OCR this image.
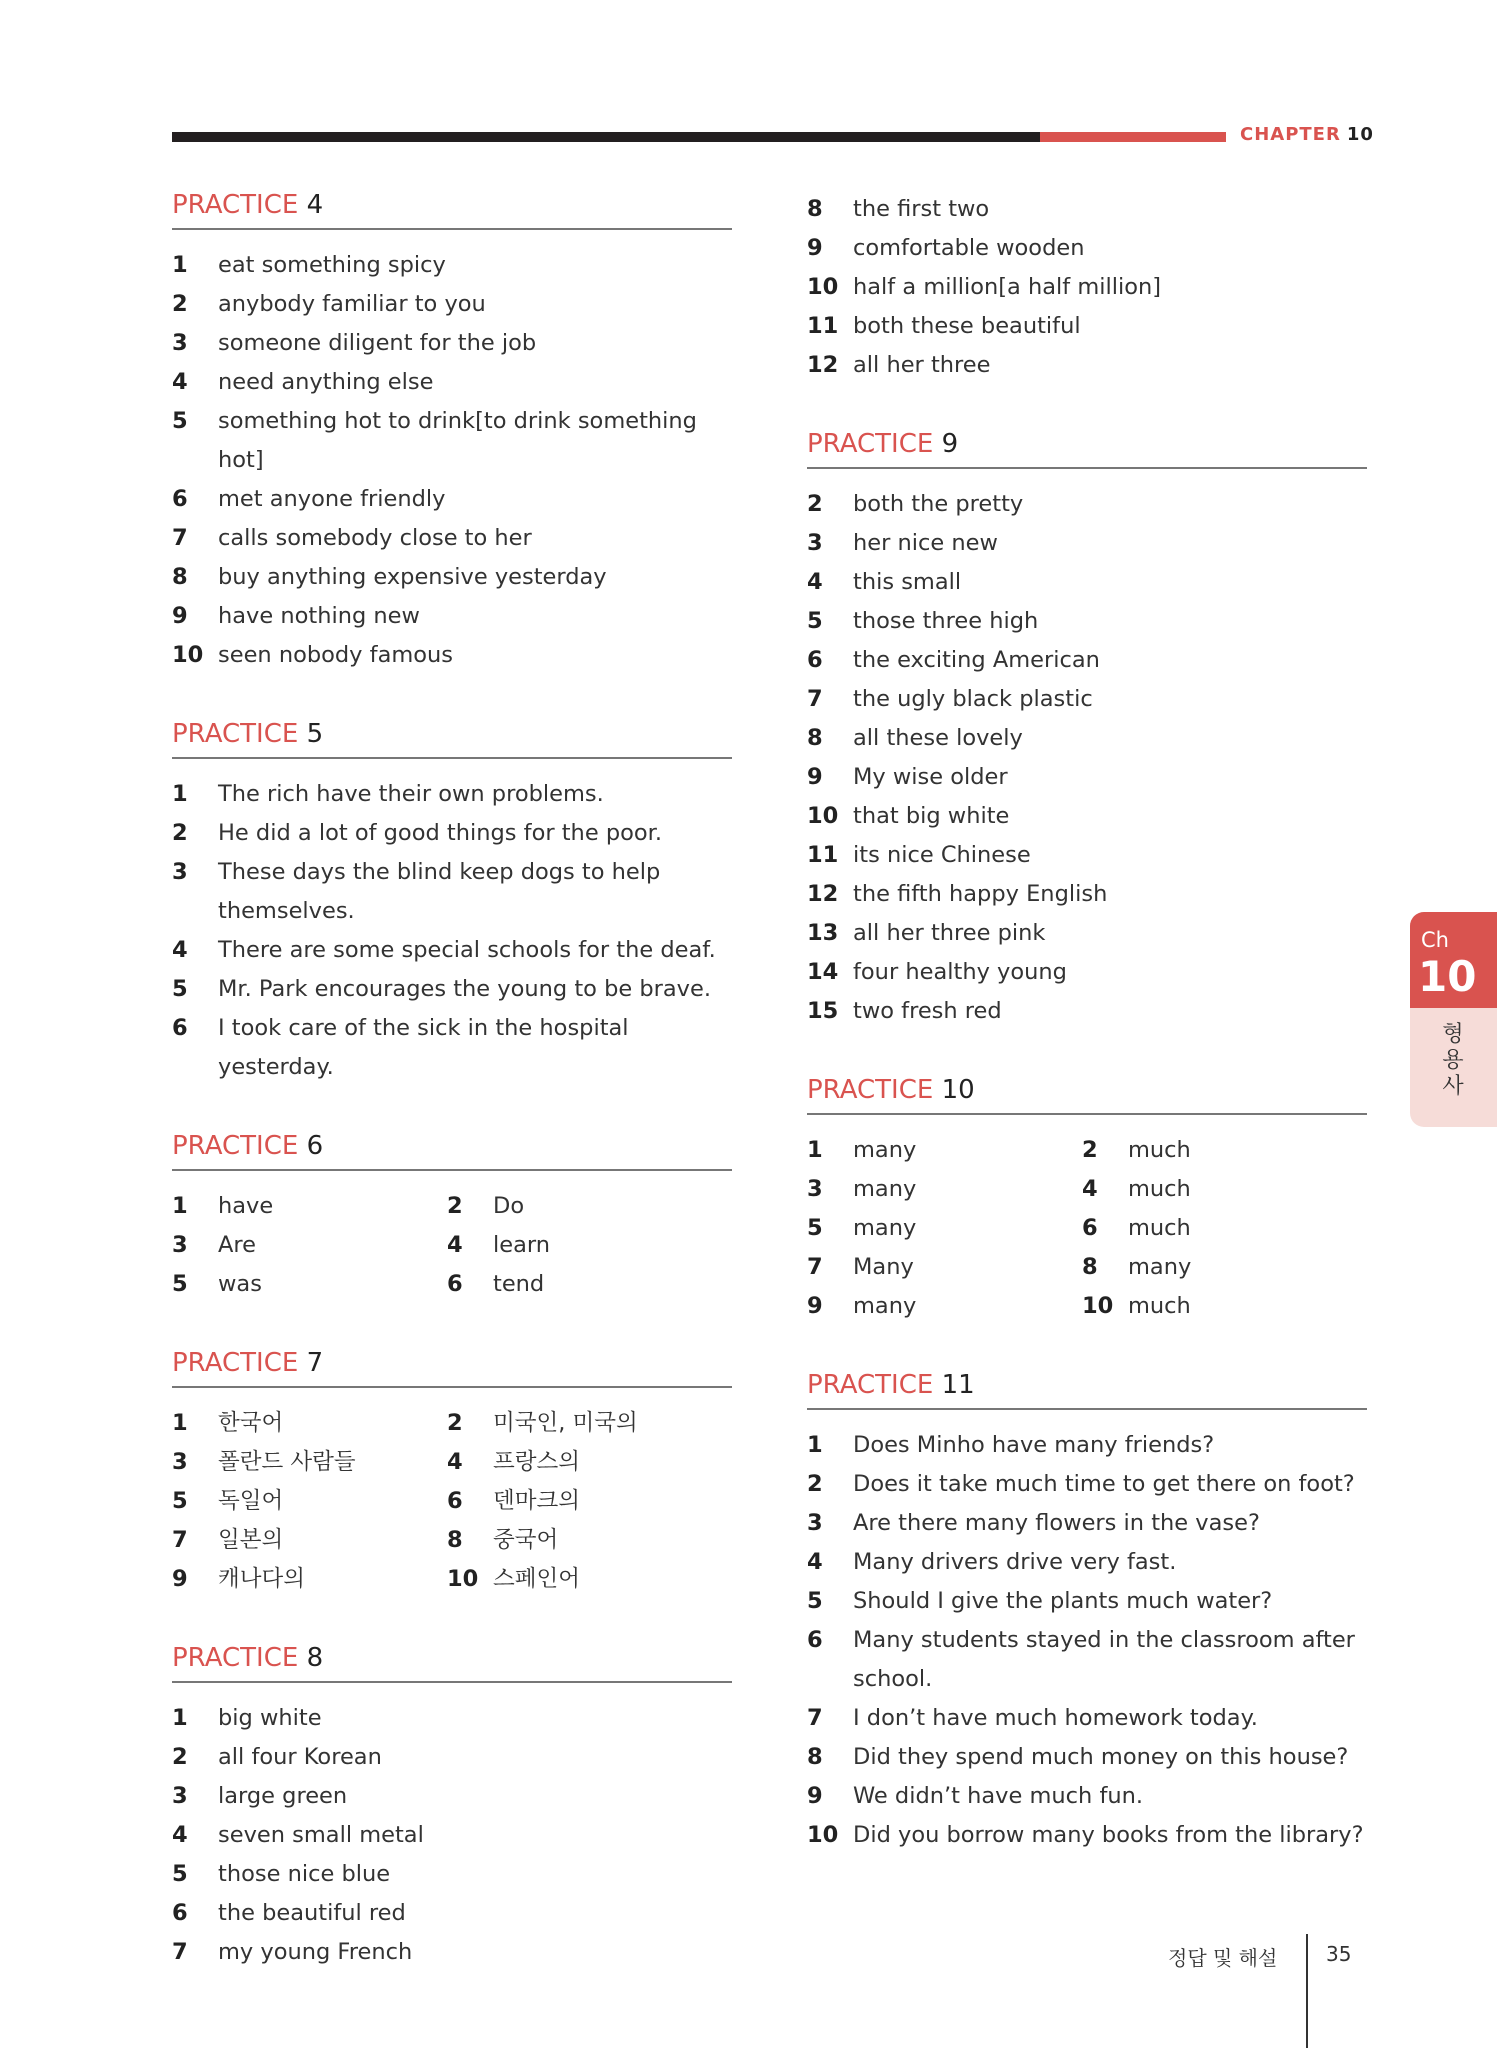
CHAPTER 10
PRACTICE 4
1 eat something spicy
2 anybody familiar to you
3 someone diligent for the job
4 need anything else
5 something hot to drink[to drink something hot]
6 met anyone friendly
7 calls somebody close to her
8 buy anything expensive yesterday
9 have nothing new
10 seen nobody famous
PRACTICE 5
1 The rich have their own problems.
2 He did a lot of good things for the poor.
3 These days the blind keep dogs to help themselves.
4 There are some special schools for the deaf.
5 Mr. Park encourages the young to be brave.
6 I took care of the sick in the hospital yesterday.
PRACTICE 6
1 have	2 Do
3 Are	4 learn
5 was	6 tend
PRACTICE 7
1 한국어	2 미국인, 미국의
3 폴란드 사람들	4 프랑스의
5 독일어	6 덴마크의
7 일본의	8 중국어
9 캐나다의	10 스페인어
PRACTICE 8
1 big white
2 all four Korean
3 large green
4 seven small metal
5 those nice blue
6 the beautiful red
7 my young French
8 the first two
9 comfortable wooden
10 half a million[a half million]
11 both these beautiful
12 all her three
PRACTICE 9
2 both the pretty
3 her nice new
4 this small
5 those three high
6 the exciting American
7 the ugly black plastic
8 all these lovely
9 My wise older
10 that big white
11 its nice Chinese
12 the fifth happy English
13 all her three pink
14 four healthy young
15 two fresh red
PRACTICE 10
1 many	2 much
3 many	4 much
5 many	6 much
7 Many	8 many
9 many	10 much
PRACTICE 11
1 Does Minho have many friends?
2 Does it take much time to get there on foot?
3 Are there many flowers in the vase?
4 Many drivers drive very fast.
5 Should I give the plants much water?
6 Many students stayed in the classroom after school.
7 I don’t have much homework today.
8 Did they spend much money on this house?
9 We didn’t have much fun.
10 Did you borrow many books from the library?
Ch
10
형용사
정답 및 해설 35
